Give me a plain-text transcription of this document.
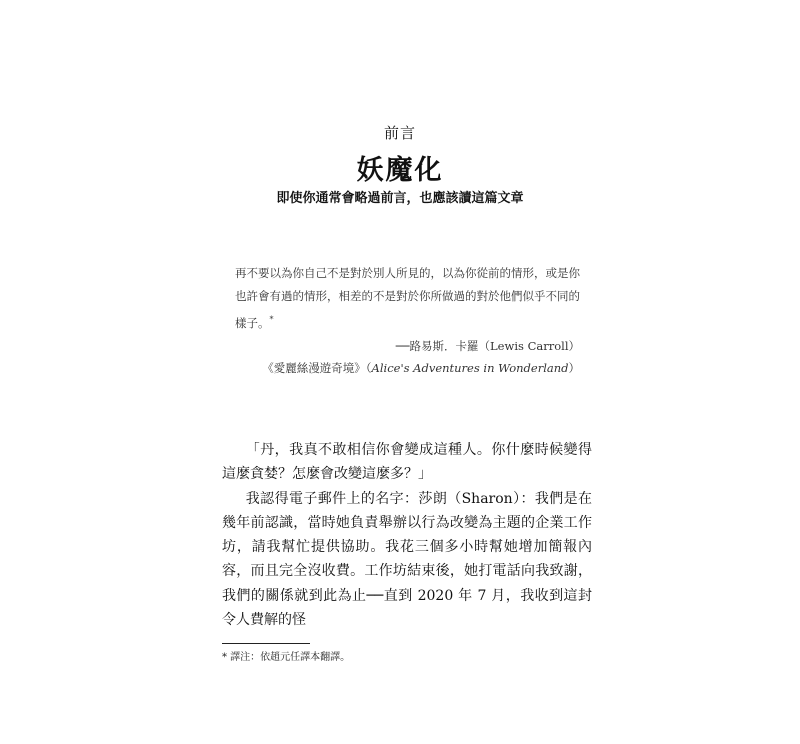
前言
妖魔化
即使你通常會略過前言，也應該讀這篇文章

再不要以為你自己不是對於別人所見的，以為你從前的情形，或是你也許會有過的情形，相差的不是對於你所做過的對於他們似乎不同的樣子。*

──路易斯．卡羅（Lewis Carroll）

《愛麗絲漫遊奇境》（Alice's Adventures in Wonderland）

「丹，我真不敢相信你會變成這種人。你什麼時候變得這麼貪婪？怎麼會改變這麼多？」

我認得電子郵件上的名字：莎朗（Sharon）：我們是在幾年前認識，當時她負責舉辦以行為改變為主題的企業工作坊，請我幫忙提供協助。我花三個多小時幫她增加簡報內容，而且完全沒收費。工作坊結束後，她打電話向我致謝，我們的關係就到此為止──直到 2020 年 7 月，我收到這封令人費解的怪

* 譯注：依趙元任譯本翻譯。
